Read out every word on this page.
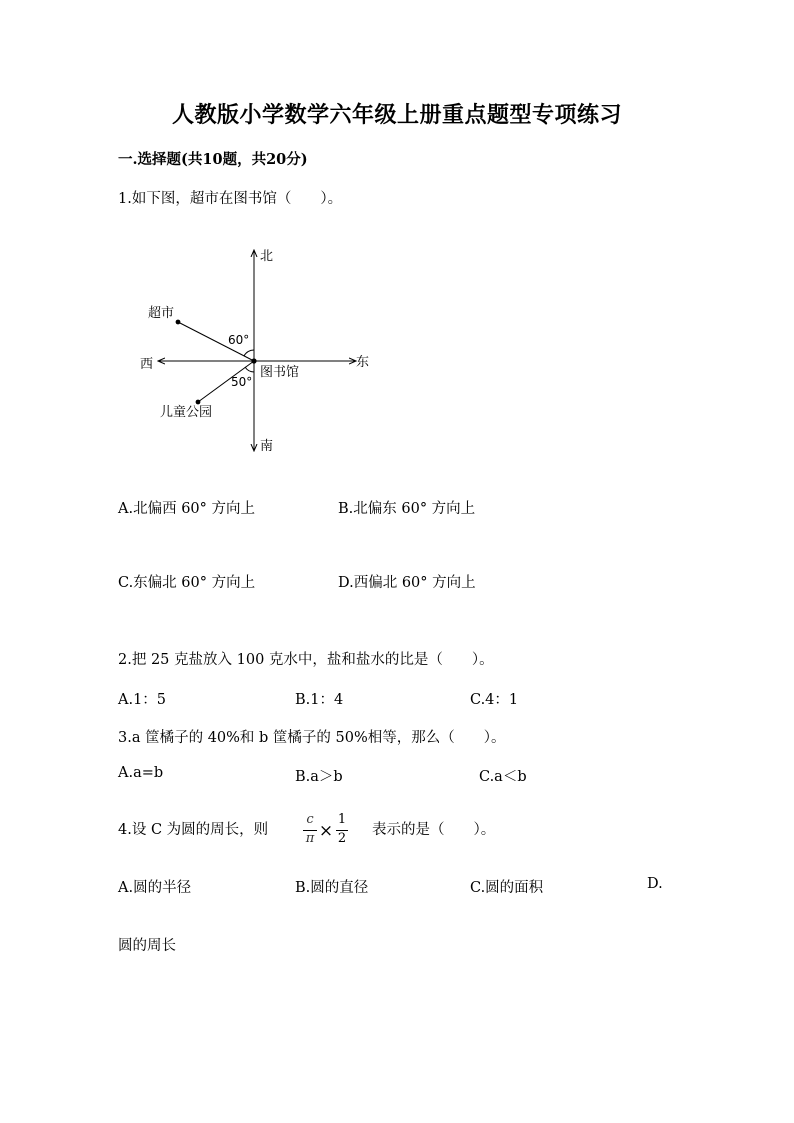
人教版小学数学六年级上册重点题型专项练习
一.选择题(共10题，共20分)
1.如下图，超市在图书馆（　　）。
北
南
东
西
图书馆
超市
儿童公园
60°
50°
A.北偏西 60° 方向上	B.北偏东 60° 方向上
C.东偏北 60° 方向上	D.西偏北 60° 方向上
2.把 25 克盐放入 100 克水中，盐和盐水的比是（　　）。
A.1：5	B.1：4	C.4：1
3.a 筐橘子的 40%和 b 筐橘子的 50%相等，那么（　　）。
A.a=b	B.a＞b	C.a＜b
4.设 C 为圆的周长，则
c
π ×
1
2
表示的是（　　）。
A.圆的半径	B.圆的直径	C.圆的面积	D.
圆的周长
